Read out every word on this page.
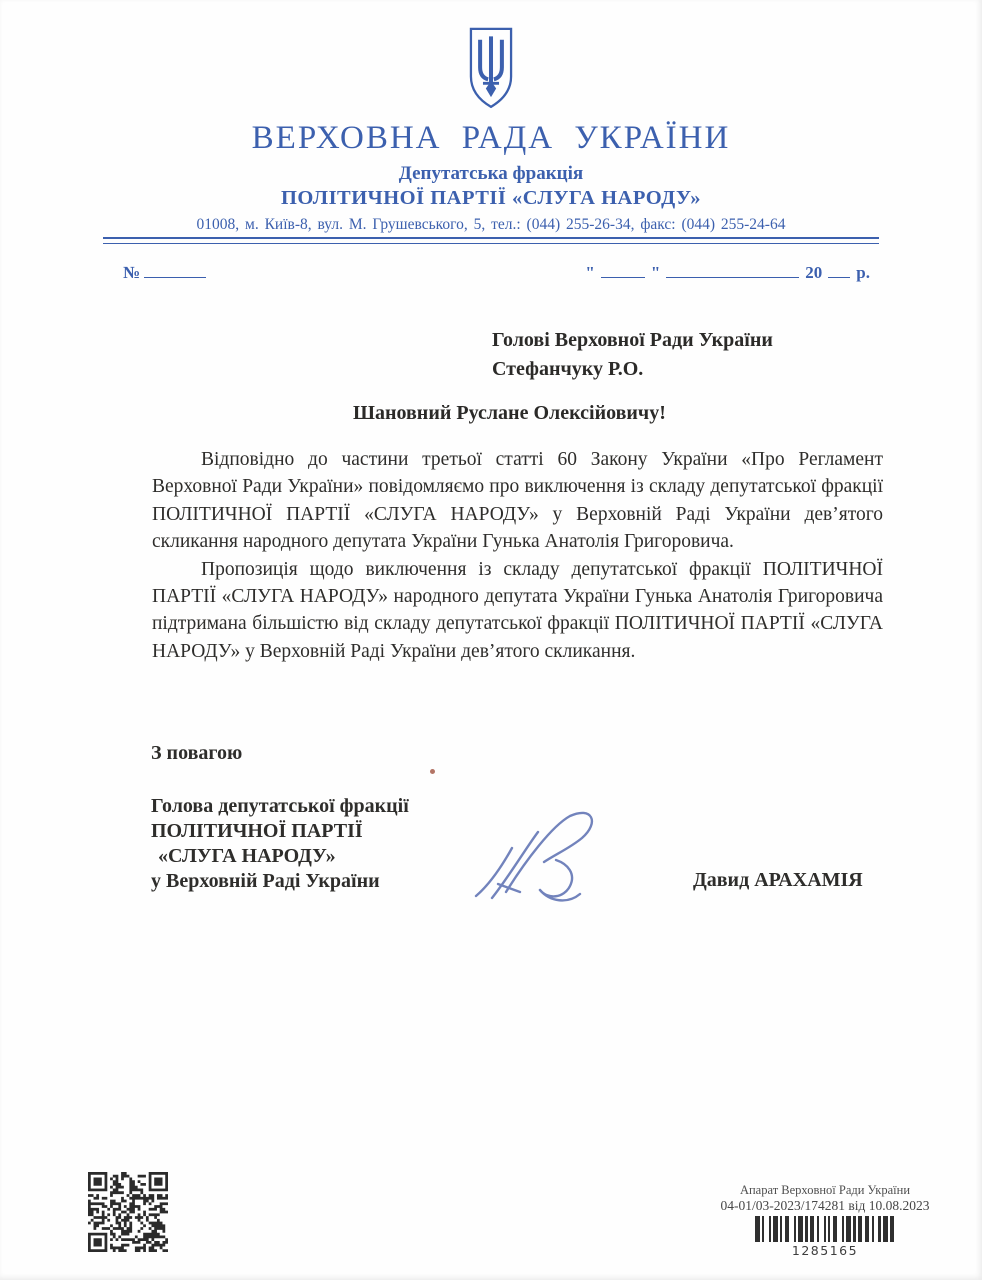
ВЕРХОВНА РАДА УКРАЇНИ
Депутатська фракція
ПОЛІТИЧНОЇ ПАРТІЇ «СЛУГА НАРОДУ»
01008, м. Київ-8, вул. М. Грушевського, 5, тел.: (044) 255-26-34, факс: (044) 255-24-64
№	"	"	20 р.
Голові Верховної Ради України
Стефанчуку Р.О.
Шановний Руслане Олексійовичу!

Відповідно до частини третьої статті 60 Закону України «Про Регламент Верховної Ради України» повідомляємо про виключення із складу депутатської фракції ПОЛІТИЧНОЇ ПАРТІЇ «СЛУГА НАРОДУ» у Верховній Раді України дев’ятого скликання народного депутата України Гунька Анатолія Григоровича.

Пропозиція щодо виключення із складу депутатської фракції ПОЛІТИЧНОЇ ПАРТІЇ «СЛУГА НАРОДУ» народного депутата України Гунька Анатолія Григоровича підтримана більшістю від складу депутатської фракції ПОЛІТИЧНОЇ ПАРТІЇ «СЛУГА НАРОДУ» у Верховній Раді України дев’ятого скликання.

З повагою
Голова депутатської фракції
ПОЛІТИЧНОЇ ПАРТІЇ
«СЛУГА НАРОДУ»
у Верховній Раді України	Давид АРАХАМІЯ
Апарат Верховної Ради України
04-01/03-2023/174281 від 10.08.2023
1285165
